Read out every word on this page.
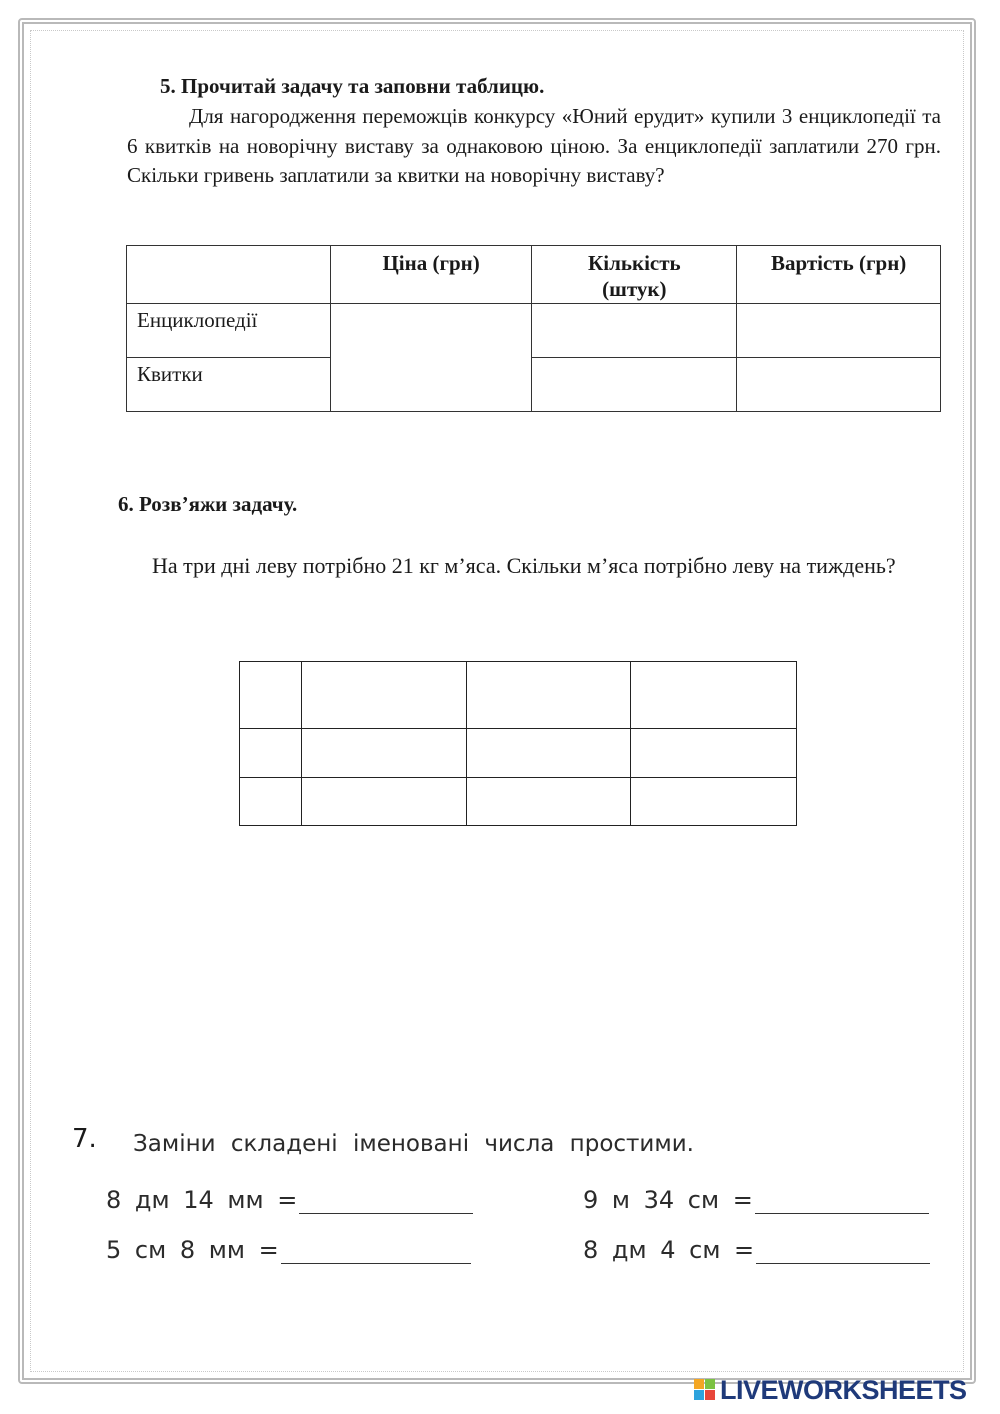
5. Прочитай задачу та заповни таблицю.
Для нагородження переможців конкурсу «Юний ерудит» купили 3 енциклопедії та 6 квитків на новорічну виставу за однаковою ціною. За енциклопедії заплатили 270 грн. Скільки гривень заплатили за квитки на новорічну виставу?
	Ціна (грн)	Кількість (штук)	Вартість (грн)
Енциклопедії			
Квитки			
6. Розв’яжи задачу.
На три дні леву потрібно 21 кг м’яса. Скільки м’яса потрібно леву на тиждень?

7. Заміни складені іменовані числа простими.
8 дм 14 мм =	9 м 34 см =
5 см 8 мм =	8 дм 4 см =
LIVEWORKSHEETS
